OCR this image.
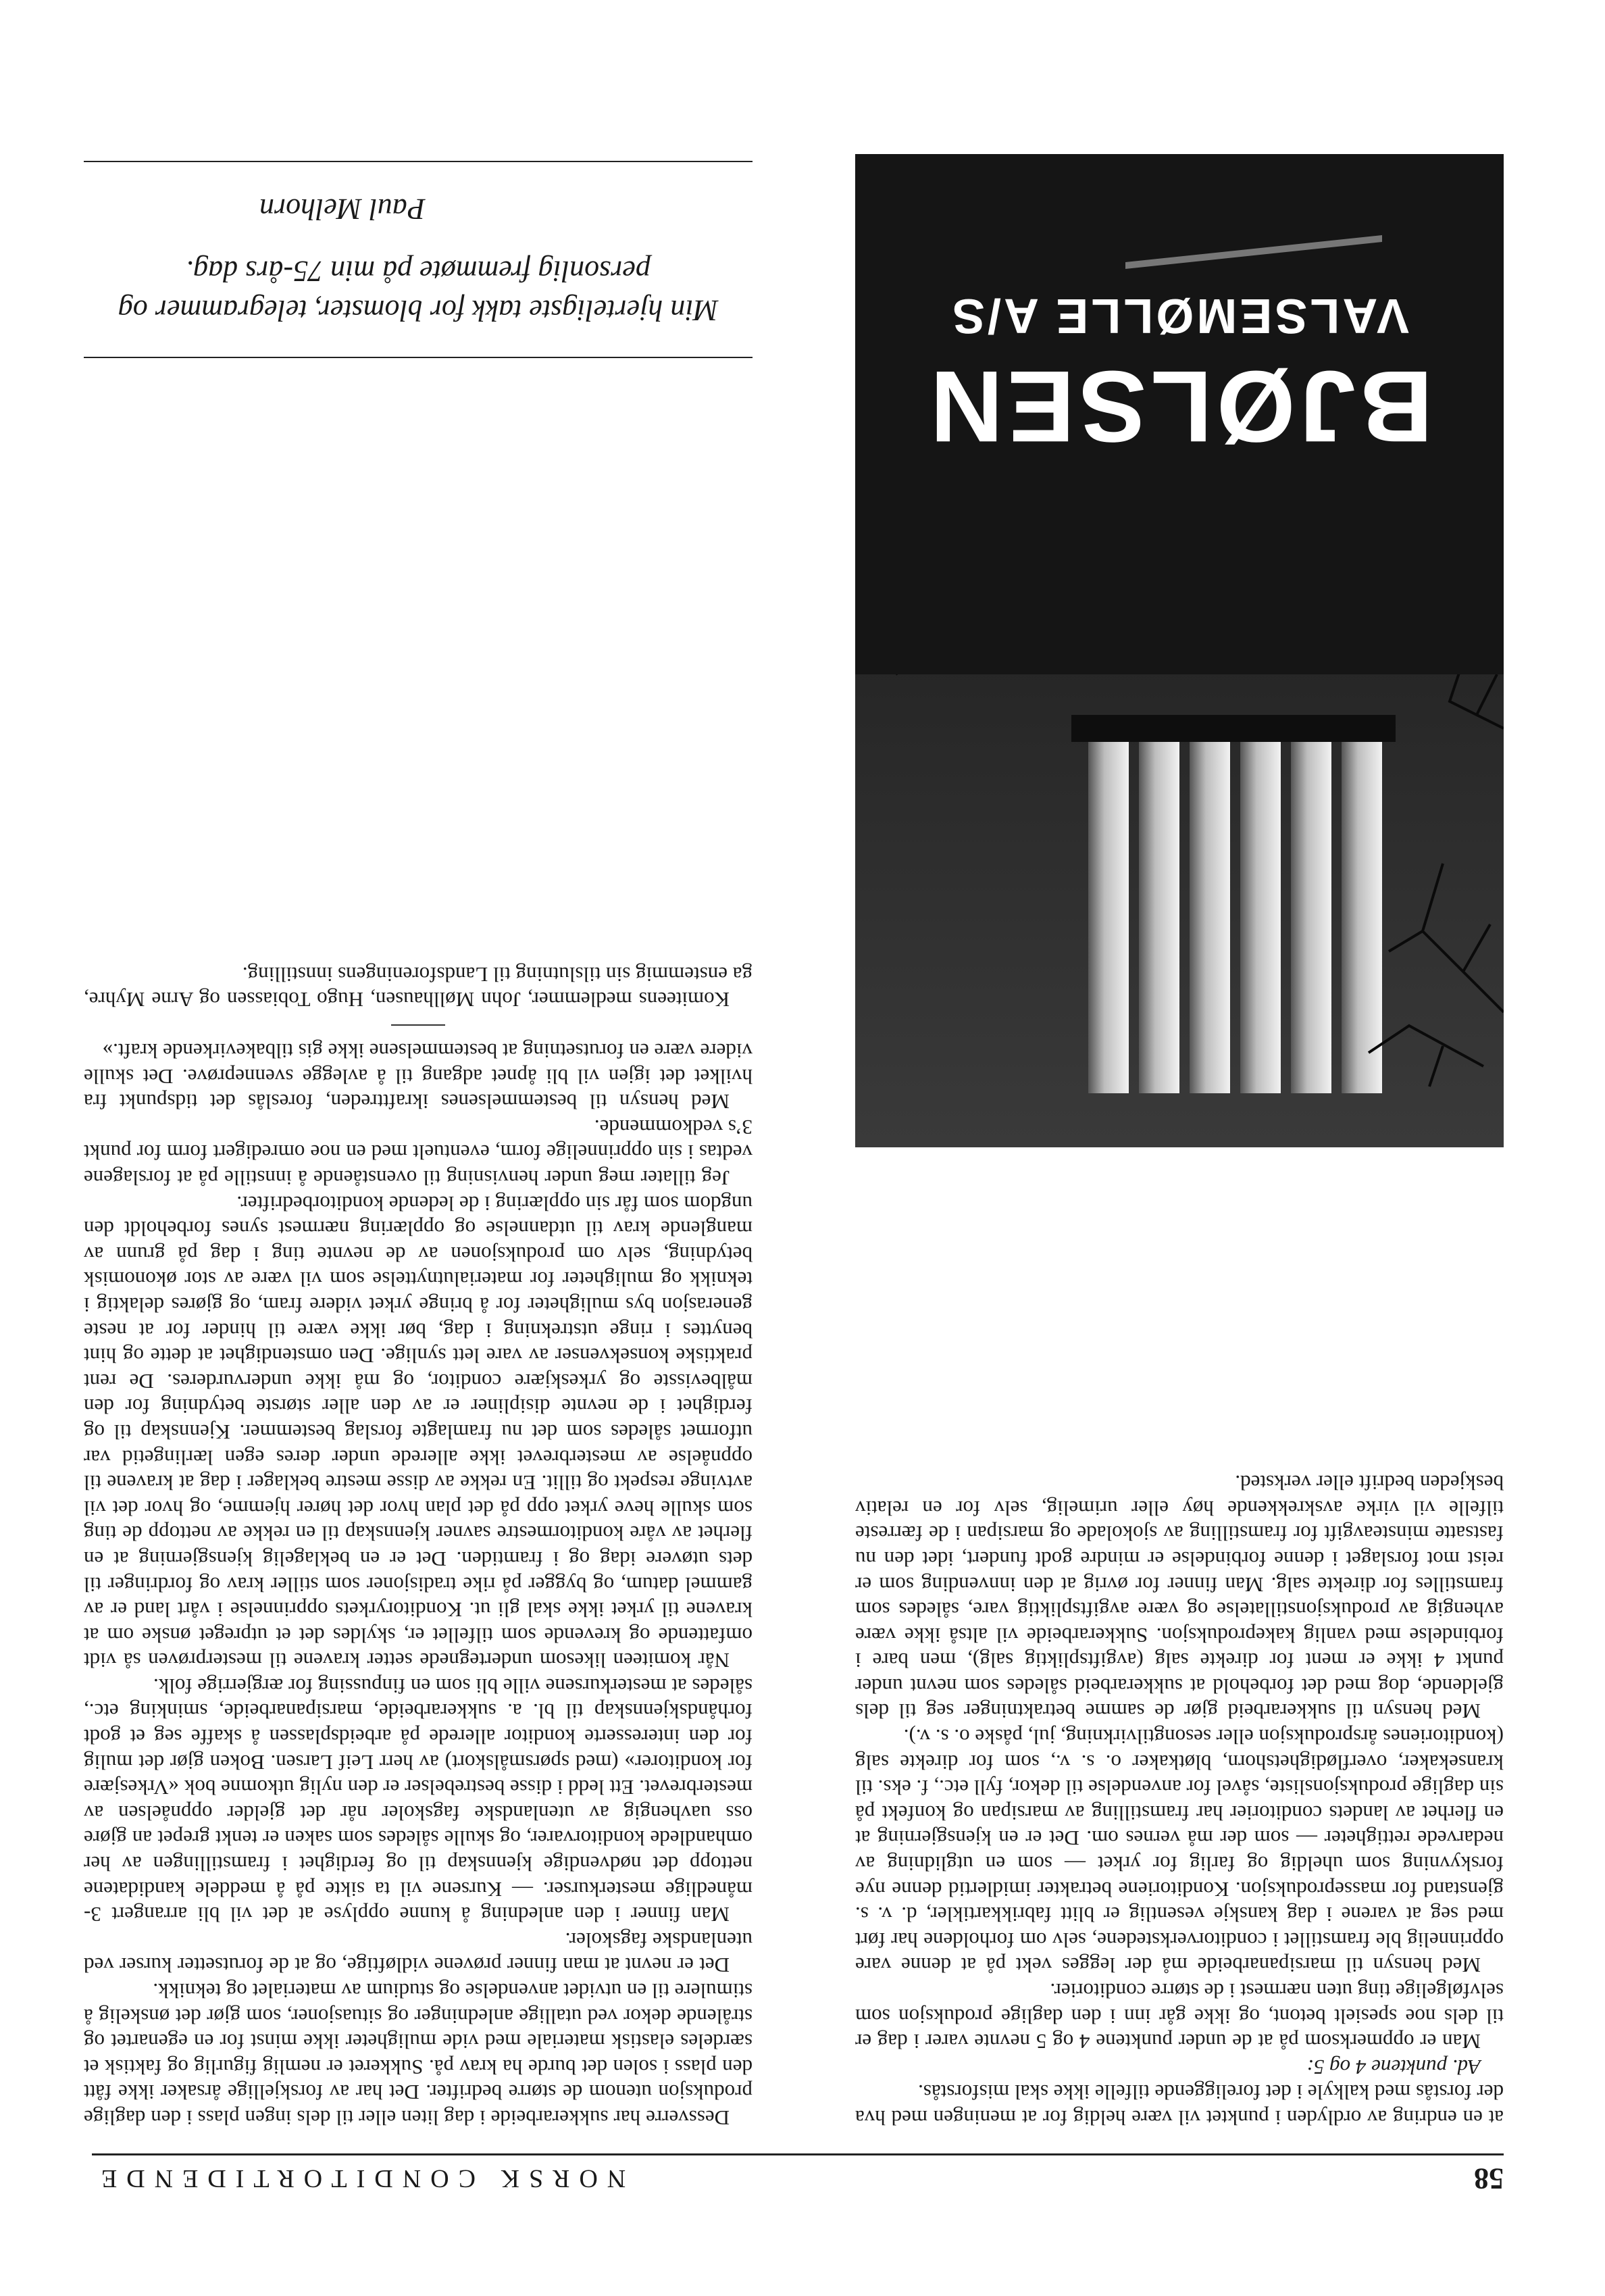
58
NORSK CONDITORTIDENDE

at en endring av ordlyden i punktet vil være heldig for at meningen med hva der forstås med kalkyle i det foreliggende tilfelle ikke skal misforstås.

Ad. punktene 4 og 5:

Man er oppmerksom på at de under punktene 4 og 5 nevnte varer i dag er til dels noe spesielt betont, og ikke går inn i den daglige produksjon som selvfølgelige ting uten nærmest i de større conditorier.

Med hensyn til marsipanarbeide må der legges vekt på at denne vare opprinnelig ble framstillet i conditorverkstedene, selv om forholdene har ført med seg at varene i dag kanskje vesentlig er blitt fabrikkartikler, d. v. s. gjenstand for masseproduksjon. Konditoriene betrakter imidlertid denne nye forskyvning som uheldig og farlig for yrket — som en utglidning av nedarvede rettigheter — som der må vernes om. Det er en kjensgjerning at en flerhet av landets conditorier har framstilling av marsipan og konfekt på sin daglige produksjonsliste, såvel for anvendelse til dekor, fyll etc., f. eks. til kransekaker, overflødighetshorn, bløtkaker o. s. v., som for direkte salg (konditorienes årsproduksjon eller sesongtilvirkning, jul, påske o. s. v.).

Med hensyn til sukkerarbeid gjør de samme betraktninger seg til dels gjeldende, dog med det forbehold at sukkerarbeid således som nevnt under punkt 4 ikke er ment for direkte salg (avgiftspliktig salg), men bare i forbindelse med vanlig kakeproduksjon. Sukkerarbeide vil altså ikke være avhengig av produksjonstillatelse og være avgiftspliktig vare, således som framstilles for direkte salg. Man finner for øvrig at den innvending som er reist mot forslaget i denne forbindelse er mindre godt fundert, idet den nu fastsatte minsteavgift for framstilling av sjokolade og marsipan i de færreste tilfelle vil virke avskrekkende høy eller urimelig, selv for en relativ beskjeden bedrift eller verksted.

BJØLSEN
VALSEMØLLE A/S

Dessverre har sukkerarbeide i dag liten eller til dels ingen plass i den daglige produksjon utenom de større bedrifter. Det har av forskjellige årsaker ikke fått den plass i solen det burde ha krav på. Sukkeret er nemlig figurlig og faktisk et særdeles elastisk materiale med vide muligheter ikke minst for en egenartet og strålende dekor ved utallige anledninger og situasjoner, som gjør det ønskelig å stimulere til en utvidet anvendelse og studium av materialet og teknikk.

Det er nevnt at man finner prøvene vidløftige, og at de forutsetter kurser ved utenlandske fagskoler.

Man finner i den anledning å kunne opplyse at det vil bli arrangert 3-månedlige mesterkurser. — Kursene vil ta sikte på å meddele kandidatene nettopp det nødvendige kjennskap til og ferdighet i framstillingen av her omhandlede konditorvarer, og skulle således som saken er tenkt grepet an gjøre oss uavhengig av utenlandske fagskoler når det gjelder oppnåelsen av mesterbrevet. Ett ledd i disse bestrebelser er den nylig utkomne bok «Vrkesjære for konditorer» (med spørsmålskort) av herr Leif Larsen. Boken gjør det mulig for den interesserte konditor allerede på arbeidsplassen å skaffe seg et godt forhåndskjennskap til bl. a. sukkerarbeide, marsipanarbeide, sminking etc., således at mesterkursene ville bli som en finpussing for ærgjerrige folk.

Når komiteen likesom undertegnede setter kravene til mesterprøven så vidt omfattende og krevende som tilfellet er, skyldes det et utpreget ønske om at kravene til yrket ikke skal gli ut. Konditoryrkets opprinnelse i vårt land er av gammel datum, og bygger på rike tradisjoner som stiller krav og fordringer til dets utøvere idag og i framtiden. Det er en beklagelig kjensgjerning at en flerhet av våre konditormestre savner kjennskap til en rekke av nettopp de ting som skulle heve yrket opp på det plan hvor det hører hjemme, og hvor det vil avtvinge respekt og tillit. En rekke av disse mestre beklager i dag at kravene til oppnåelse av mesterbrevet ikke allerede under deres egen lærlingetid var utformet således som det nu framlagte forslag bestemmer. Kjennskap til og ferdighet i de nevnte disipliner er av den aller største betydning for den målbevisste og yrkeskjære conditor, og må ikke undervurderes. De rent praktiske konsekvenser av vare lett synlige. Den omstendighet at dette og hint benyttes i ringe utstrekning i dag, bør ikke være til hinder for at neste generasjon bys muligheter for å bringe yrket videre fram, og gjøres delaktig i teknikk og muligheter for materialutnyttelse som vil være av stor økonomisk betydning, selv om produksjonen av de nevnte ting i dag på grunn av manglende krav til utdannelse og opplæring nærmest synes forbeholdt den ungdom som får sin opplæring i de ledende konditorbedrifter.

Jeg tillater meg under henvisning til ovenstående å innstille på at forslagene vedtas i sin opprinnelige form, eventuelt med en noe omredigert form for punkt 3’s vedkommende.

Med hensyn til bestemmelsenes ikrafttreden, foreslås det tidspunkt fra hvilket det igjen vil bli åpnet adgang til å avlegge svenneprøve. Det skulle videre være en forutsetning at bestemmelsene ikke gis tilbakevirkende kraft.»

Komiteens medlemmer, John Møllhausen, Hugo Tobiassen og Arne Myhre, ga enstemmig sin tilslutning til Landsforeningens innstilling.

Min hjerteligste takk for blomster, telegrammer og personlig fremmøte på min 75-års dag.
Paul Melhorn
